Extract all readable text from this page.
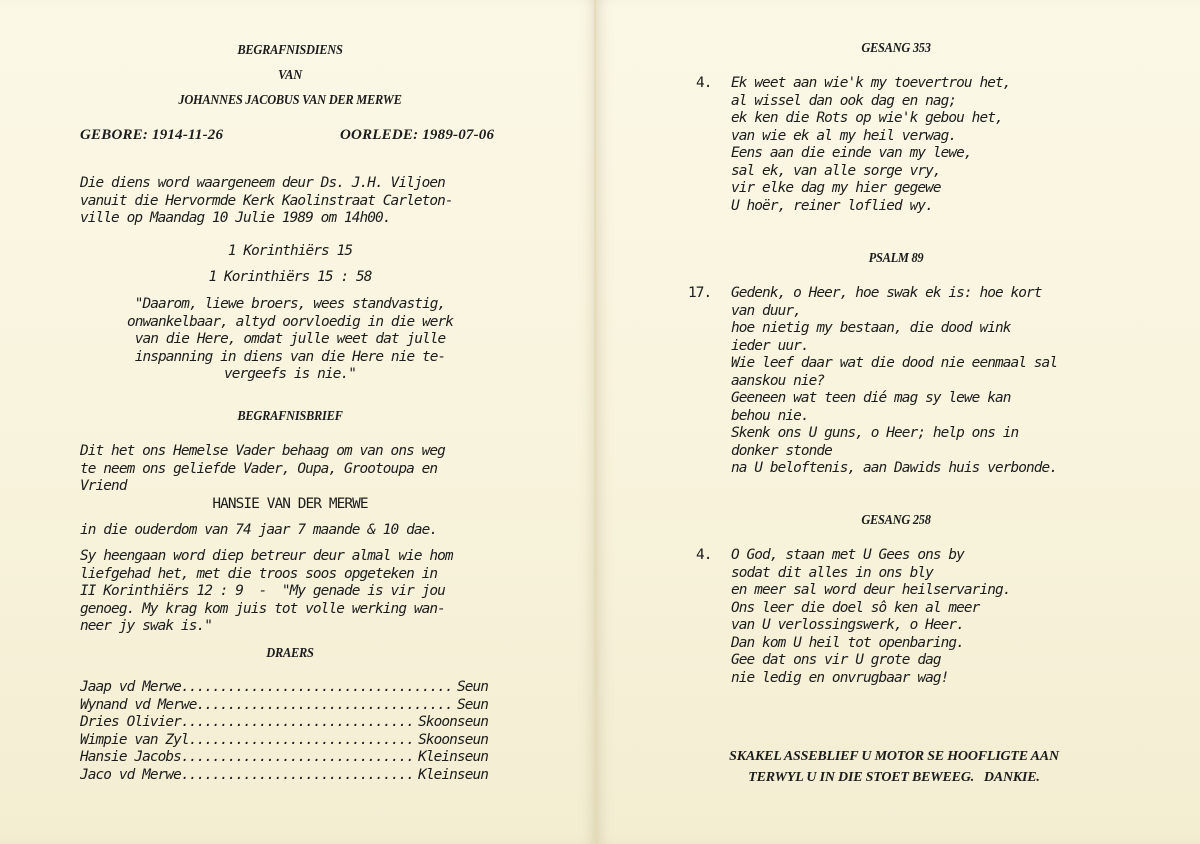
BEGRAFNISDIENS
VAN
JOHANNES JACOBUS VAN DER MERWE
GEBORE: 1914-11-26	OORLEDE: 1989-07-06
Die diens word waargeneem deur Ds. J.H. Viljoen
vanuit die Hervormde Kerk Kaolinstraat Carleton-
ville op Maandag 10 Julie 1989 om 14h00.
1 Korinthiërs 15
1 Korinthiërs 15 : 58
"Daarom, liewe broers, wees standvastig,
onwankelbaar, altyd oorvloedig in die werk
van die Here, omdat julle weet dat julle
inspanning in diens van die Here nie te-
vergeefs is nie."
BEGRAFNISBRIEF
Dit het ons Hemelse Vader behaag om van ons weg
te neem ons geliefde Vader, Oupa, Grootoupa en
Vriend
HANSIE VAN DER MERWE
in die ouderdom van 74 jaar 7 maande & 10 dae.
Sy heengaan word diep betreur deur almal wie hom
liefgehad het, met die troos soos opgeteken in
II Korinthiërs 12 : 9  -  "My genade is vir jou
genoeg. My krag kom juis tot volle werking wan-
neer jy swak is."
DRAERS
Jaap vd Merwe .....	Seun
Wynand vd Merwe .....	Seun
Dries Olivier .....	Skoonseun
Wimpie van Zyl .....	Skoonseun
Hansie Jacobs .....	Kleinseun
Jaco vd Merwe .....	Kleinseun
GESANG 353
4. Ek weet aan wie'k my toevertrou het,
al wissel dan ook dag en nag;
ek ken die Rots op wie'k gebou het,
van wie ek al my heil verwag.
Eens aan die einde van my lewe,
sal ek, van alle sorge vry,
vir elke dag my hier gegewe
U hoër, reiner loflied wy.
PSALM 89
17. Gedenk, o Heer, hoe swak ek is: hoe kort
van duur,
hoe nietig my bestaan, die dood wink
ieder uur.
Wie leef daar wat die dood nie eenmaal sal
aanskou nie?
Geeneen wat teen dié mag sy lewe kan
behou nie.
Skenk ons U guns, o Heer; help ons in
donker stonde
na U beloftenis, aan Dawids huis verbonde.
GESANG 258
4. O God, staan met U Gees ons by
sodat dit alles in ons bly
en meer sal word deur heilservaring.
Ons leer die doel sô ken al meer
van U verlossingswerk, o Heer.
Dan kom U heil tot openbaring.
Gee dat ons vir U grote dag
nie ledig en onvrugbaar wag!
SKAKEL ASSEBLIEF U MOTOR SE HOOFLIGTE AAN
TERWYL U IN DIE STOET BEWEEG.   DANKIE.
